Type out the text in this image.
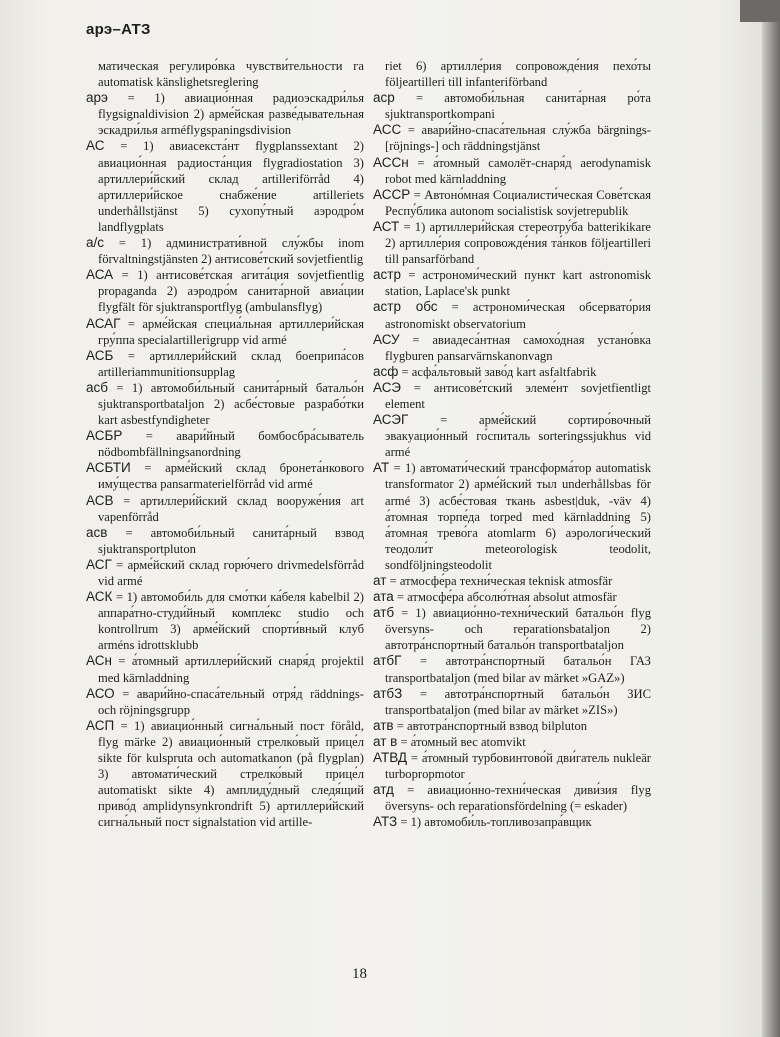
арэ–АТЗ
матическая регулиро́вка чувстви́тельности га automatisk känslighetsreglering
арэ = 1) авиацио́нная радиоэскадри́лья flygsignaldivision 2) арме́йская разве́дывательная эскадри́лья arméflygspaningsdivision
АС = 1) авиасекста́нт flygplanssextant 2) авиацио́нная радиоста́нция flygradiostation 3) артиллери́йский склад artilleriförråd 4) артиллери́йское снабже́ние artilleriets underhållstjänst 5) сухопу́тный аэродро́м landflygplats
а/с = 1) администрати́вной слу́жбы inom förvaltningstjänsten 2) антисове́тский sovjetfientlig
АСА = 1) антисове́тская агита́ция sovjetfientlig propaganda 2) аэродро́м санита́рной авиа́ции flygfält för sjuktransportflyg (ambulansflyg)
АСАГ = арме́йская специа́льная артиллери́йская гру́ппа specialartillerigrupp vid armé
АСБ = артиллери́йский склад боеприпа́сов artilleriammunitionsupplag
асб = 1) автомоби́льный санита́рный батальо́н sjuktransportbataljon 2) асбе́стовые разрабо́тки kart asbestfyndigheter
АСБР = авари́йный бомбосбра́сыватель nödbombfällningsanordning
АСБТИ = арме́йский склад бронета́нкового иму́щества pansarmaterielförråd vid armé
АСВ = артиллери́йский склад вооруже́ния art vapenförråd
асв = автомоби́льный санита́рный взвод sjuktransportpluton
АСГ = арме́йский склад горю́чего drivmedelsförråd vid armé
АСК = 1) автомоби́ль для смо́тки ка́беля kabelbil 2) аппара́тно-студи́йный компле́кс studio och kontrollrum 3) арме́йский спорти́вный клуб arméns idrottsklubb
АСн = а́томный артиллери́йский снаря́д projektil med kärnladdning
АСО = авари́йно-спаса́тельный отря́д räddnings- och röjningsgrupp
АСП = 1) авиацио́нный сигна́льный пост föråld, flyg märke 2) авиацио́нный стрелко́вый прице́л sikte för kulspruta och automatkanon (på flygplan) 3) автомати́ческий стрелко́вый прице́л automatiskt sikte 4) амплиду́дный следя́щий приво́д amplidynsynkrondrift 5) артиллери́йский сигна́льный пост signalstation vid artille-
riet 6) артилле́рия сопровожде́ния пехо́ты följeartilleri till infanteriförband
аср = автомоби́льная санита́рная ро́та sjuktransportkompani
АСС = авари́йно-спаса́тельная слу́жба bärgnings- [röjnings-] och räddningstjänst
АССн = а́томный самолёт-снаря́д aerodynamisk robot med kärnladdning
АССР = Автоно́мная Социалисти́ческая Сове́тская Респу́блика autonom socialistisk sovjetrepublik
АСТ = 1) артиллери́йская стереотру́ба batterikikare 2) артилле́рия сопровожде́ния та́нков följeartilleri till pansarförband
астр = астрономи́ческий пункт kart astronomisk station, Laplace'sk punkt
астр обс = астрономи́ческая обсервато́рия astronomiskt observatorium
АСУ = авиадеса́нтная самохо́дная устано́вка flygburen pansarvärnskanonvagn
асф = асфа́льтовый заво́д kart asfaltfabrik
АСЭ = антисове́тский элеме́нт sovjetfientligt element
АСЭГ	= арме́йский сортиро́вочный эвакуацио́нный го́спиталь sorteringssjukhus vid armé
АТ = 1) автомати́ческий трансформа́тор automatisk transformator 2) арме́йский тыл underhållsbas för armé 3) асбе́стовая ткань asbest|duk, -väv 4) а́томная торпе́да torped med kärnladdning 5) а́томная трево́га atomlarm 6) аэрологи́ческий теодоли́т meteorologisk teodolit, sondföljningsteodolit
ат = атмосфе́ра техни́ческая teknisk atmosfär
ата = атмосфе́ра абсолю́тная absolut atmosfär
атб = 1) авиацио́нно-техни́ческий батальо́н flyg översyns- och reparationsbataljon 2) автотра́нспортный батальо́н transportbataljon
атбГ = автотра́нспортный батальо́н ГАЗ transportbataljon (med bilar av märket »GAZ»)
атбЗ = автотра́нспортный батальо́н ЗИС transportbataljon (med bilar av märket »ZIS»)
атв = автотра́нспортный взвод bilpluton
ат в = а́томный вес atomvikt
АТВД = а́томный турбовинтово́й дви́гатель nukleär turbopropmotor
атд = авиацио́нно-техни́ческая диви́зия flyg översyns- och reparationsfördelning (= eskader)
АТЗ = 1) автомоби́ль-топливозапра́вщик
18
